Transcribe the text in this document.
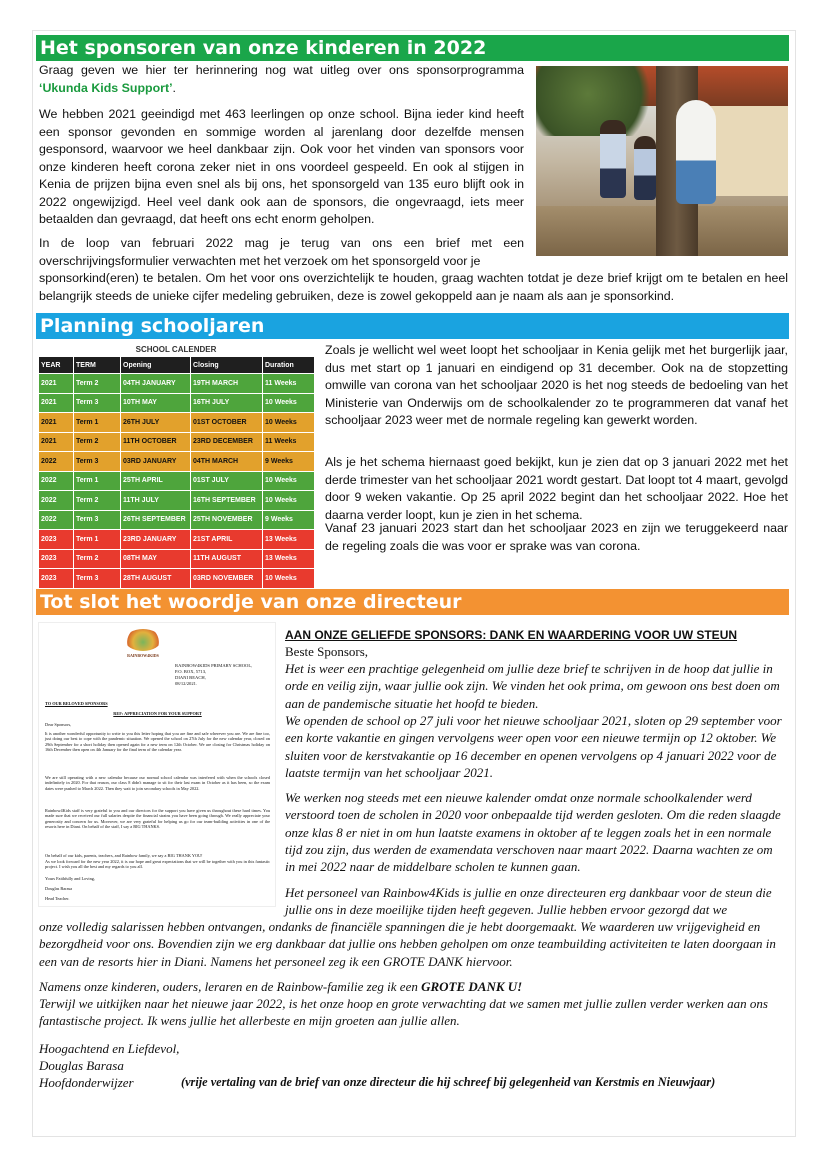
Het sponsoren van onze kinderen in 2022

Graag geven we hier ter herinnering nog wat uitleg over ons sponsorprogramma ‘Ukunda Kids Support’.

We hebben 2021 geeindigd met 463 leerlingen op onze school. Bijna ieder kind heeft een sponsor gevonden en sommige worden al jarenlang door dezelfde mensen gesponsord, waarvoor we heel dankbaar zijn. Ook voor het vinden van sponsors voor onze kinderen heeft corona zeker niet in ons voordeel gespeeld. En ook al stijgen in Kenia de prijzen bijna even snel als bij ons, het sponsorgeld van 135 euro blijft ook in 2022 ongewijzigd. Heel veel dank ook aan de sponsors, die ongevraagd, iets meer betaalden dan gevraagd, dat heeft ons echt enorm geholpen.

In de loop van februari 2022 mag je terug van ons een brief met een overschrijvingsformulier verwachten met het verzoek om het sponsorgeld voor je

sponsorkind(eren) te betalen. Om het voor ons overzichtelijk te houden, graag wachten totdat je deze brief krijgt om te betalen en heel belangrijk steeds de unieke cijfer medeling gebruiken, deze is zowel gekoppeld aan je naam als aan je sponsorkind.

Planning schooljaren
SCHOOL CALENDER
YEAR	TERM	Opening	Closing	Duration
2021	Term 2	04TH JANUARY	19TH MARCH	11 Weeks
2021	Term 3	10TH MAY	16TH JULY	10 Weeks
2021	Term 1	26TH JULY	01ST OCTOBER	10 Weeks
2021	Term 2	11TH OCTOBER	23RD DECEMBER	11 Weeks
2022	Term 3	03RD JANUARY	04TH MARCH	9 Weeks
2022	Term 1	25TH APRIL	01ST JULY	10 Weeks
2022	Term 2	11TH JULY	16TH SEPTEMBER	10 Weeks
2022	Term 3	26TH SEPTEMBER	25TH NOVEMBER	9 Weeks
2023	Term 1	23RD JANUARY	21ST APRIL	13 Weeks
2023	Term 2	08TH MAY	11TH AUGUST	13 Weeks
2023	Term 3	28TH AUGUST	03RD NOVEMBER	10 Weeks

Zoals je wellicht wel weet loopt het schooljaar in Kenia gelijk met het burgerlijk jaar, dus met start op 1 januari en eindigend op 31 december. Ook na de stopzetting omwille van corona van het schooljaar 2020 is het nog steeds de bedoeling van het Ministerie van Onderwijs om de schoolkalender zo te programmeren dat vanaf het schooljaar 2023 weer met de normale regeling kan gewerkt worden.

Als je het schema hiernaast goed bekijkt, kun je zien dat op 3 januari 2022 met het derde trimester van het schooljaar 2021 wordt gestart. Dat loopt tot 4 maart, gevolgd door 9 weken vakantie. Op 25 april 2022 begint dan het schooljaar 2022. Hoe het daarna verder loopt, kun je zien in het schema.

Vanaf 23 januari 2023 start dan het schooljaar 2023 en zijn we teruggekeerd naar de regeling zoals die was voor er sprake was van corona.

Tot slot het woordje van onze directeur
RAINBOW4KIDS
RAINBOW4KIDS PRIMARY SCHOOL,
P.O. BOX, 5713,
DIANI BEACH,
08/12/2021.

TO OUR BELOVED SPONSORS

REF: APPRECIATION FOR YOUR SUPPORT

Dear Sponsors,

It is another wonderful opportunity to write to you this letter hoping that you are fine and safe wherever you are. We are fine too, just doing our best to cope with the pandemic situation. We opened the school on 27th July for the new calendar year, closed on 29th September for a short holiday then opened again for a new term on 12th October. We are closing for Christmas holiday on 16th December then open on 4th January for the final term of the calendar year.

We are still operating with a new calendar because our normal school calendar was interfered with when the schools closed indefinitely in 2020. For that reason, our class 8 didn't manage to sit for their last exam in October as it has been, so the exam dates were pushed to March 2022. Then they wait to join secondary schools in May 2022.

Rainbow4Kids staff is very grateful to you and our directors for the support you have given us throughout these hard times. You made sure that we received our full salaries despite the financial strains you have been going through. We really appreciate your generosity and concern for us. Moreover, we are very grateful for helping us go for our team-building activities in one of the resorts here in Diani. On behalf of the staff, I say a BIG THANKS.

On behalf of our kids, parents, teachers, and Rainbow family, we say a BIG THANK YOU!

As we look forward for the new year 2022, it is our hope and great expectations that we will be together with you in this fantastic project. I wish you all the best and my regards to you all.

Yours Faithfully and Loving,

Douglas Barasa

Head Teacher.

AAN ONZE GELIEFDE SPONSORS: DANK EN WAARDERING VOOR UW STEUN

Beste Sponsors,

Het is weer een prachtige gelegenheid om jullie deze brief te schrijven in de hoop dat jullie in orde en veilig zijn, waar jullie ook zijn. We vinden het ook prima, om gewoon ons best doen om aan de pandemische situatie het hoofd te bieden.

We openden de school op 27 juli voor het nieuwe schooljaar 2021, sloten op 29 september voor een korte vakantie en gingen vervolgens weer open voor een nieuwe termijn op 12 oktober. We sluiten voor de kerstvakantie op 16 december en openen vervolgens op 4 januari 2022 voor de laatste termijn van het schooljaar 2021.

We werken nog steeds met een nieuwe kalender omdat onze normale schoolkalender werd verstoord toen de scholen in 2020 voor onbepaalde tijd werden gesloten. Om die reden slaagde onze klas 8 er niet in om hun laatste examens in oktober af te leggen zoals het in een normale tijd zou zijn, dus werden de examendata verschoven naar maart 2022. Daarna wachten ze om in mei 2022 naar de middelbare scholen te kunnen gaan.

Het personeel van Rainbow4Kids is jullie en onze directeuren erg dankbaar voor de steun die jullie ons in deze moeilijke tijden heeft gegeven. Jullie hebben ervoor gezorgd dat we

onze volledig salarissen hebben ontvangen, ondanks de financiële spanningen die je hebt doorgemaakt. We waarderen uw vrijgevigheid en bezorgdheid voor ons. Bovendien zijn we erg dankbaar dat jullie ons hebben geholpen om onze teambuilding activiteiten te laten doorgaan in een van de resorts hier in Diani. Namens het personeel zeg ik een GROTE DANK hiervoor.

Namens onze kinderen, ouders, leraren en de Rainbow-familie zeg ik een GROTE DANK U!

Terwijl we uitkijken naar het nieuwe jaar 2022, is het onze hoop en grote verwachting dat we samen met jullie zullen verder werken aan ons fantastische project. Ik wens jullie het allerbeste en mijn groeten aan jullie allen.

Hoogachtend en Liefdevol,

Douglas Barasa

Hoofdonderwijzer	(vrije vertaling van de brief van onze directeur die hij schreef bij gelegenheid van Kerstmis en Nieuwjaar)
